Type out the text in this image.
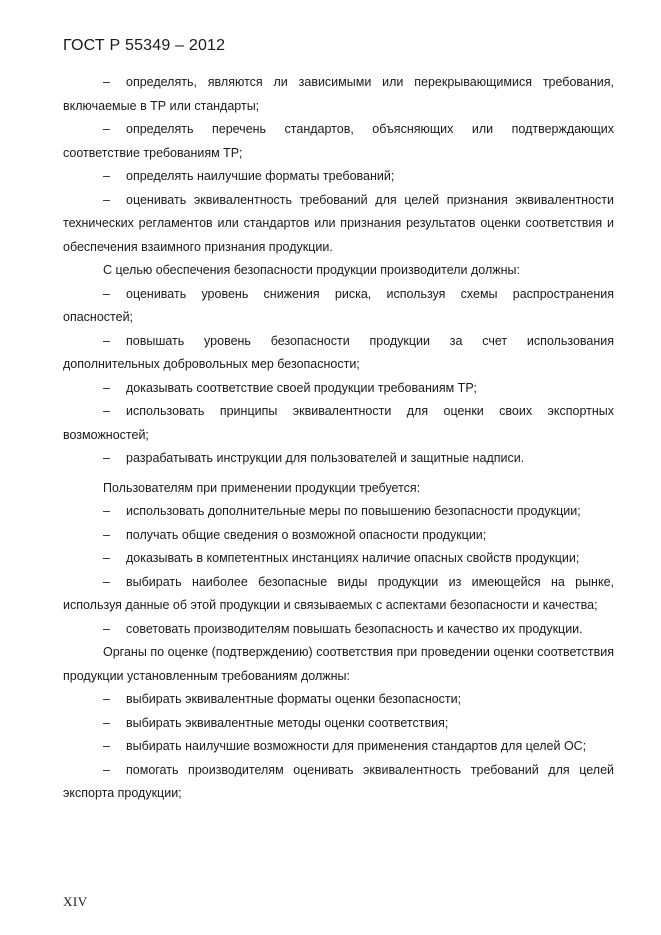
ГОСТ Р 55349 – 2012
– определять, являются ли зависимыми или перекрывающимися требования, включаемые в ТР или стандарты;
– определять перечень стандартов, объясняющих или подтверждающих соответствие требованиям ТР;
– определять наилучшие форматы требований;
– оценивать эквивалентность требований для целей признания эквивалентности технических регламентов или стандартов или признания результатов оценки соответствия и обеспечения взаимного признания продукции.
С целью обеспечения безопасности продукции производители должны:
– оценивать уровень снижения риска, используя схемы распространения опасностей;
– повышать уровень безопасности продукции за счет использования дополнительных добровольных мер безопасности;
– доказывать соответствие своей продукции требованиям ТР;
– использовать принципы эквивалентности для оценки своих экспортных возможностей;
– разрабатывать инструкции для пользователей и защитные надписи.
Пользователям при применении продукции требуется:
– использовать дополнительные меры по повышению безопасности продукции;
– получать общие сведения о возможной опасности продукции;
– доказывать в компетентных инстанциях наличие опасных свойств продукции;
– выбирать наиболее безопасные виды продукции из имеющейся на рынке, используя данные об этой продукции и связываемых с аспектами безопасности и качества;
– советовать производителям повышать безопасность и качество их продукции.
Органы по оценке (подтверждению) соответствия при проведении оценки соответствия продукции установленным требованиям должны:
– выбирать эквивалентные форматы оценки безопасности;
– выбирать эквивалентные методы оценки соответствия;
– выбирать наилучшие возможности для применения стандартов для целей ОС;
– помогать производителям оценивать эквивалентность требований для целей экспорта продукции;
XIV
